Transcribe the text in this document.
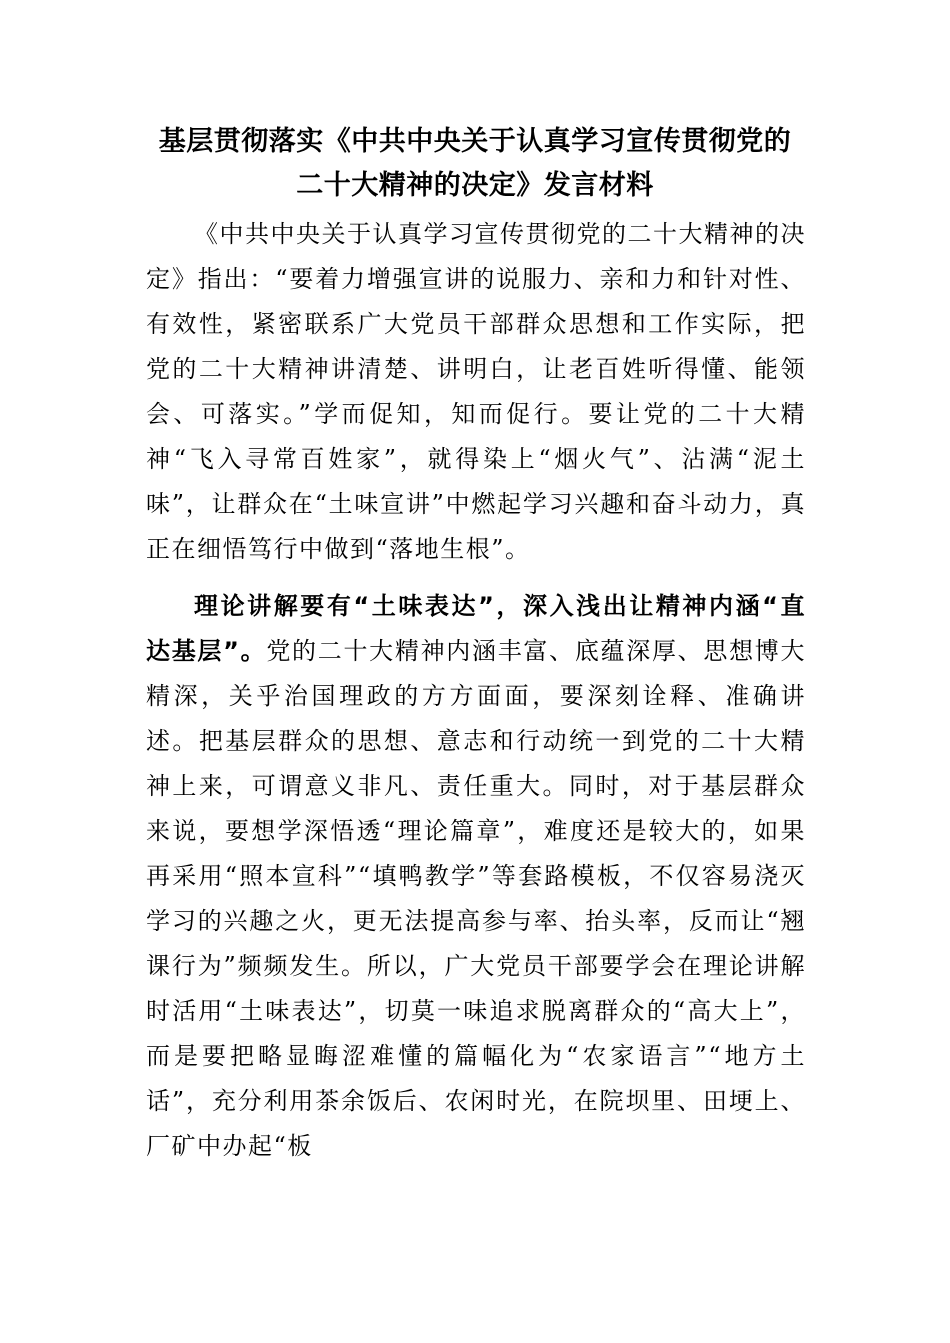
基层贯彻落实《中共中央关于认真学习宣传贯彻党的
二十大精神的决定》发言材料

《中共中央关于认真学习宣传贯彻党的二十大精神的决定》指出：“要着力增强宣讲的说服力、亲和力和针对性、有效性，紧密联系广大党员干部群众思想和工作实际，把党的二十大精神讲清楚、讲明白，让老百姓听得懂、能领会、可落实。”学而促知，知而促行。要让党的二十大精神“飞入寻常百姓家”，就得染上“烟火气”、沾满“泥土味”，让群众在“土味宣讲”中燃起学习兴趣和奋斗动力，真正在细悟笃行中做到“落地生根”。

理论讲解要有“土味表达”，深入浅出让精神内涵“直达基层”。党的二十大精神内涵丰富、底蕴深厚、思想博大精深，关乎治国理政的方方面面，要深刻诠释、准确讲述。把基层群众的思想、意志和行动统一到党的二十大精神上来，可谓意义非凡、责任重大。同时，对于基层群众来说，要想学深悟透“理论篇章”，难度还是较大的，如果再采用“照本宣科”“填鸭教学”等套路模板，不仅容易浇灭学习的兴趣之火，更无法提高参与率、抬头率，反而让“翘课行为”频频发生。所以，广大党员干部要学会在理论讲解时活用“土味表达”，切莫一味追求脱离群众的“高大上”，而是要把略显晦涩难懂的篇幅化为“农家语言”“地方土话”，充分利用茶余饭后、农闲时光，在院坝里、田埂上、厂矿中办起“板
